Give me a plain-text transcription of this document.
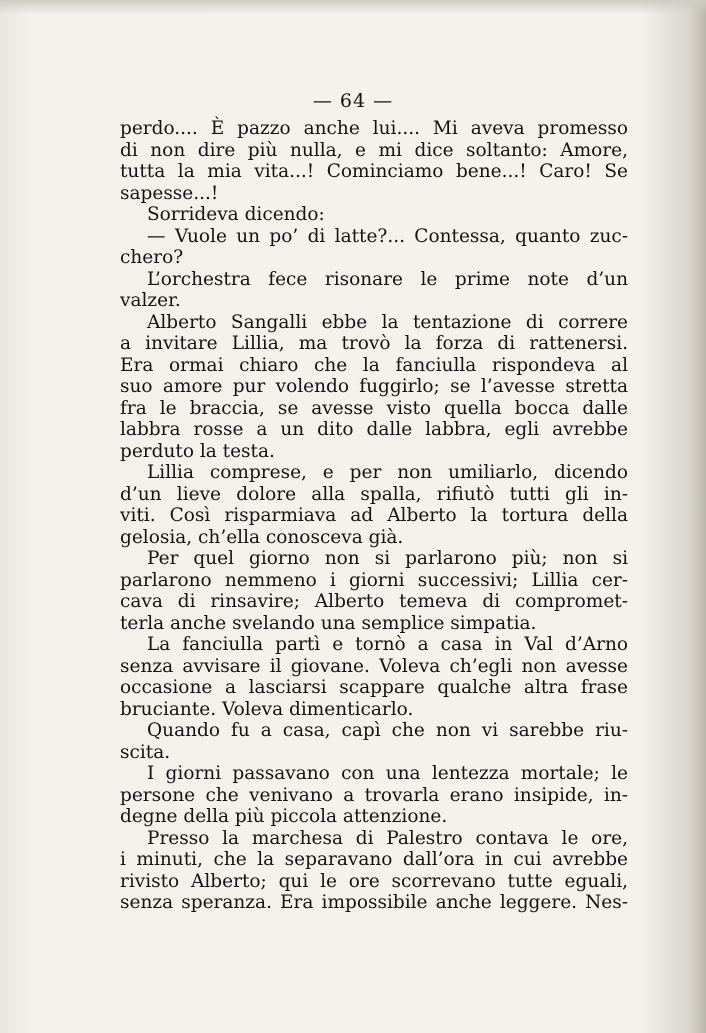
— 64 —
perdo.... È pazzo anche lui.... Mi aveva promesso
di non dire più nulla, e mi dice soltanto: Amore,
tutta la mia vita...! Cominciamo bene...! Caro! Se
sapesse...!
Sorrideva dicendo:
— Vuole un po’ di latte?... Contessa, quanto zuc-
chero?
L’orchestra fece risonare le prime note d’un
valzer.
Alberto Sangalli ebbe la tentazione di correre
a invitare Lillia, ma trovò la forza di rattenersi.
Era ormai chiaro che la fanciulla rispondeva al
suo amore pur volendo fuggirlo; se l’avesse stretta
fra le braccia, se avesse visto quella bocca dalle
labbra rosse a un dito dalle labbra, egli avrebbe
perduto la testa.
Lillia comprese, e per non umiliarlo, dicendo
d’un lieve dolore alla spalla, rifiutò tutti gli in-
viti. Così risparmiava ad Alberto la tortura della
gelosia, ch’ella conosceva già.
Per quel giorno non si parlarono più; non si
parlarono nemmeno i giorni successivi; Lillia cer-
cava di rinsavire; Alberto temeva di compromet-
terla anche svelando una semplice simpatia.
La fanciulla partì e tornò a casa in Val d’Arno
senza avvisare il giovane. Voleva ch’egli non avesse
occasione a lasciarsi scappare qualche altra frase
bruciante. Voleva dimenticarlo.
Quando fu a casa, capì che non vi sarebbe riu-
scita.
I giorni passavano con una lentezza mortale; le
persone che venivano a trovarla erano insipide, in-
degne della più piccola attenzione.
Presso la marchesa di Palestro contava le ore,
i minuti, che la separavano dall’ora in cui avrebbe
rivisto Alberto; qui le ore scorrevano tutte eguali,
senza speranza. Era impossibile anche leggere. Nes-
